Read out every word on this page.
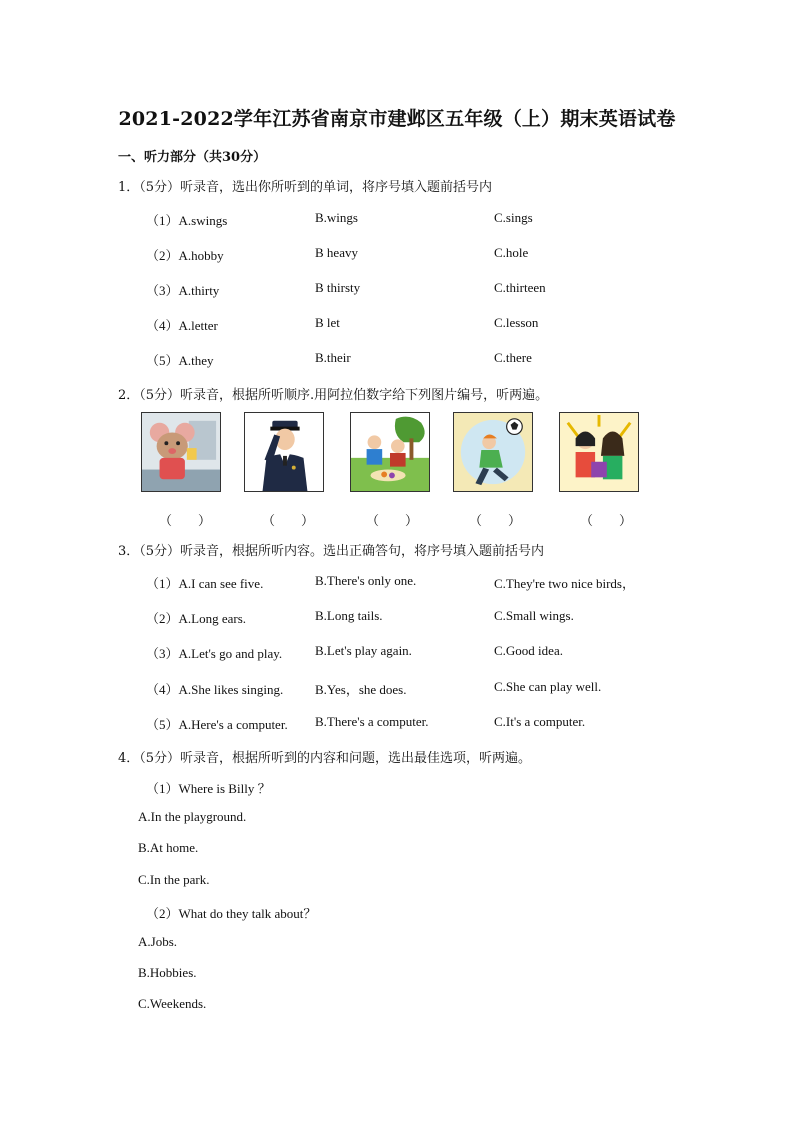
2021-2022学年江苏省南京市建邺区五年级（上）期末英语试卷
一、听力部分（共30分）
1．（5分）听录音，选出你所听到的单词，将序号填入题前括号内
（1）A.swings	B.wings	C.sings
（2）A.hobby	B heavy	C.hole
（3）A.thirty	B thirsty	C.thirteen
（4）A.letter	B let	C.lesson
（5）A.they	B.their	C.there
2．（5分）听录音，根据所听顺序.用阿拉伯数字给下列图片编号，听两遍。
（　　）	（　　）	（　　）	（　　）	（　　）
3．（5分）听录音，根据所听内容。选出正确答句，将序号填入题前括号内
（1）A.I can see five.	B.There's only one.	C.They're two nice birds，
（2）A.Long ears.	B.Long tails.	C.Small wings.
（3）A.Let's go and play.	B.Let's play again.	C.Good idea.
（4）A.She likes singing. B.Yes，she does.	C.She can play well.
（5）A.Here's a computer. B.There's a computer.	C.It's a computer.
4．（5分）听录音，根据所听到的内容和问题，选出最佳选项，听两遍。
（1）Where is Billy ？
A.In the playground.
B.At home.
C.In the park.
（2）What do they talk about？
A.Jobs.
B.Hobbies.
C.Weekends.
